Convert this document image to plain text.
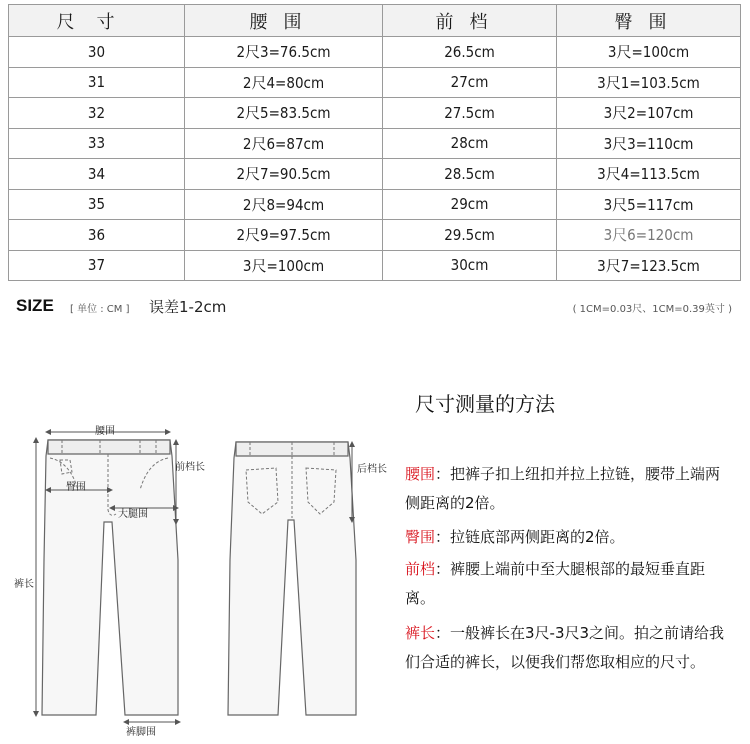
尺寸	腰围	前档	臀围
30	2尺3=76.5cm	26.5cm	3尺=100cm
31	2尺4=80cm	27cm	3尺1=103.5cm
32	2尺5=83.5cm	27.5cm	3尺2=107cm
33	2尺6=87cm	28cm	3尺3=110cm
34	2尺7=90.5cm	28.5cm	3尺4=113.5cm
35	2尺8=94cm	29cm	3尺5=117cm
36	2尺9=97.5cm	29.5cm	3尺6=120cm
37	3尺=100cm	30cm	3尺7=123.5cm
SIZE [ 单位 : CM ] 误差1-2cm	( 1CM=0.03尺、1CM=0.39英寸 )
腰围
前档长
臀围
大腿围
裤长
后档长
裤脚围
尺寸测量的方法
腰围：把裤子扣上纽扣并拉上拉链，腰带上端两侧距离的2倍。
臀围：拉链底部两侧距离的2倍。
前档：裤腰上端前中至大腿根部的最短垂直距离。
裤长：一般裤长在3尺-3尺3之间。拍之前请给我们合适的裤长，以便我们帮您取相应的尺寸。
